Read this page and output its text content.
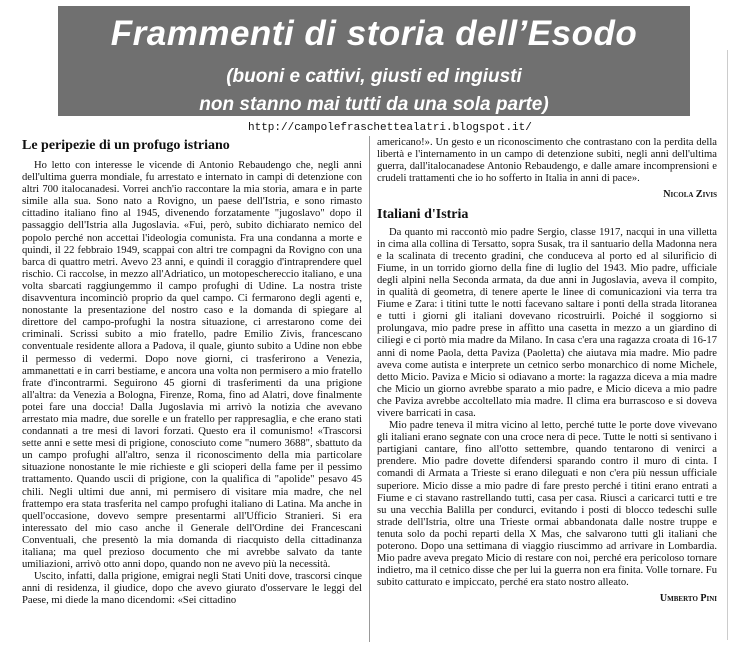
Frammenti di storia dell’Esodo
(buoni e cattivi, giusti ed ingiusti
non stanno mai tutti da una sola parte)
http://campolefraschettealatri.blogspot.it/
Le peripezie di un profugo istriano

Ho letto con interesse le vicende di Antonio Rebaudengo che, negli anni dell'ultima guerra mondiale, fu arrestato e internato in campi di detenzione con altri 700 italocanadesi. Vorrei anch'io raccontare la mia storia, amara e in parte simile alla sua. Sono nato a Rovigno, un paese dell'Istria, e sono rimasto cittadino italiano fino al 1945, divenendo forzatamente "jugoslavo" dopo il passaggio dell'Istria alla Jugoslavia. «Fui, però, subito dichiarato nemico del popolo perché non accettai l'ideologia comunista. Fra una condanna a morte e quindi, il 22 febbraio 1949, scappai con altri tre compagni da Rovigno con una barca di quattro metri. Avevo 23 anni, e quindi il coraggio d'intraprendere quel rischio. Ci raccolse, in mezzo all'Adriatico, un motopeschereccio italiano, e una volta sbarcati raggiungemmo il campo profughi di Udine. La nostra triste disavventura incominciò proprio da quel campo. Ci fermarono degli agenti e, nonostante la presentazione del nostro caso e la domanda di spiegare al direttore del campo-profughi la nostra situazione, ci arrestarono come dei criminali. Scrissi subito a mio fratello, padre Emilio Zivis, francescano conventuale residente allora a Padova, il quale, giunto subito a Udine non ebbe il permesso di vedermi. Dopo nove giorni, ci trasferirono a Venezia, ammanettati e in carri bestiame, e ancora una volta non permisero a mio fratello frate d'incontrarmi. Seguirono 45 giorni di trasferimenti da una prigione all'altra: da Venezia a Bologna, Firenze, Roma, fino ad Alatri, dove finalmente potei fare una doccia! Dalla Jugoslavia mi arrivò la notizia che avevano arrestato mia madre, due sorelle e un fratello per rappresaglia, e che erano stati condannati a tre mesi di lavori forzati. Questo era il comunismo! «Trascorsi sette anni e sette mesi di prigione, conosciuto come "numero 3688", sbattuto da un campo profughi all'altro, senza il riconoscimento della mia particolare situazione nonostante le mie richieste e gli scioperi della fame per il pessimo trattamento. Quando uscii di prigione, con la qualifica di "apolide" pesavo 45 chili. Negli ultimi due anni, mi permisero di visitare mia madre, che nel frattempo era stata trasferita nel campo profughi italiano di Latina. Ma anche in quell'occasione, dovevo sempre presentarmi all'Ufficio Stranieri. Si era interessato del mio caso anche il Generale dell'Ordine dei Francescani Conventuali, che presentò la mia domanda di riacquisto della cittadinanza italiana; ma quel prezioso documento che mi avrebbe salvato da tante umiliazioni, arrivò otto anni dopo, quando non ne avevo più la necessità.

Uscito, infatti, dalla prigione, emigrai negli Stati Uniti dove, trascorsi cinque anni di residenza, il giudice, dopo che avevo giurato d'osservare le leggi del Paese, mi diede la mano dicendomi: «Sei cittadino

americano!». Un gesto e un riconoscimento che contrastano con la perdita della libertà e l'internamento in un campo di detenzione subiti, negli anni dell'ultima guerra, dall'italocanadese Antonio Rebaudengo, e dalle amare incomprensioni e crudeli trattamenti che io ho sofferto in Italia in anni di pace».

Nicola Zivis
Italiani d'Istria

Da quanto mi raccontò mio padre Sergio, classe 1917, nacqui in una villetta in cima alla collina di Tersatto, sopra Susak, tra il santuario della Madonna nera e la scalinata di trecento gradini, che conduceva al porto ed al silurificio di Fiume, in un torrido giorno della fine di luglio del 1943. Mio padre, ufficiale degli alpini nella Seconda armata, da due anni in Jugoslavia, aveva il compito, in qualità di geometra, di tenere aperte le linee di comunicazioni via terra tra Fiume e Zara: i titini tutte le notti facevano saltare i ponti della strada litoranea e tutti i giorni gli italiani dovevano ricostruirli. Poiché il soggiorno si prolungava, mio padre prese in affitto una casetta in mezzo a un giardino di ciliegi e ci portò mia madre da Milano. In casa c'era una ragazza croata di 16-17 anni di nome Paola, detta Paviza (Paoletta) che aiutava mia madre. Mio padre aveva come autista e interprete un cetnico serbo monarchico di nome Michele, detto Micio. Paviza e Micio si odiavano a morte: la ragazza diceva a mia madre che Micio un giorno avrebbe sparato a mio padre, e Micio diceva a mio padre che Paviza avrebbe accoltellato mia madre. Il clima era burrascoso e si doveva vivere barricati in casa.

Mio padre teneva il mitra vicino al letto, perché tutte le porte dove vivevano gli italiani erano segnate con una croce nera di pece. Tutte le notti si sentivano i partigiani cantare, fino all'otto settembre, quando tentarono di venirci a prendere. Mio padre dovette difendersi sparando contro il muro di cinta. I comandi di Armata a Trieste si erano dileguati e non c'era più nessun ufficiale superiore. Micio disse a mio padre di fare presto perché i titini erano entrati a Fiume e ci stavano rastrellando tutti, casa per casa. Riuscì a caricarci tutti e tre su una vecchia Balilla per condurci, evitando i posti di blocco tedeschi sulle strade dell'Istria, oltre una Trieste ormai abbandonata dalle nostre truppe e tenuta solo da pochi reparti della X Mas, che salvarono tutti gli italiani che poterono. Dopo una settimana di viaggio riuscimmo ad arrivare in Lombardia. Mio padre aveva pregato Micio di restare con noi, perché era pericoloso tornare indietro, ma il cetnico disse che per lui la guerra non era finita. Volle tornare. Fu subito catturato e impiccato, perché era stato nostro alleato.

Umberto Pini
